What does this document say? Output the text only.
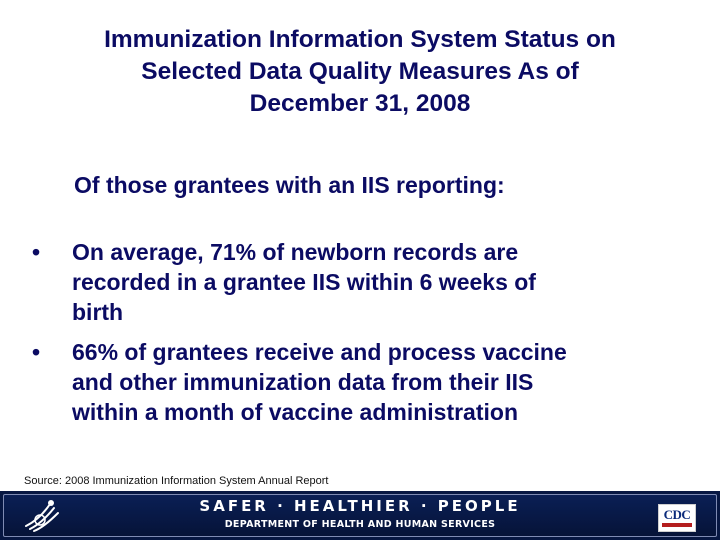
Immunization Information System Status on
Selected Data Quality Measures As of
December 31, 2008
Of those grantees with an IIS reporting:
• On average, 71% of newborn records are
recorded in a grantee IIS within 6 weeks of
birth
• 66% of grantees receive and process vaccine
and other immunization data from their IIS
within a month of vaccine administration
Source: 2008 Immunization Information System Annual Report
SAFER · HEALTHIER · PEOPLE
DEPARTMENT OF HEALTH AND HUMAN SERVICES
CDC
